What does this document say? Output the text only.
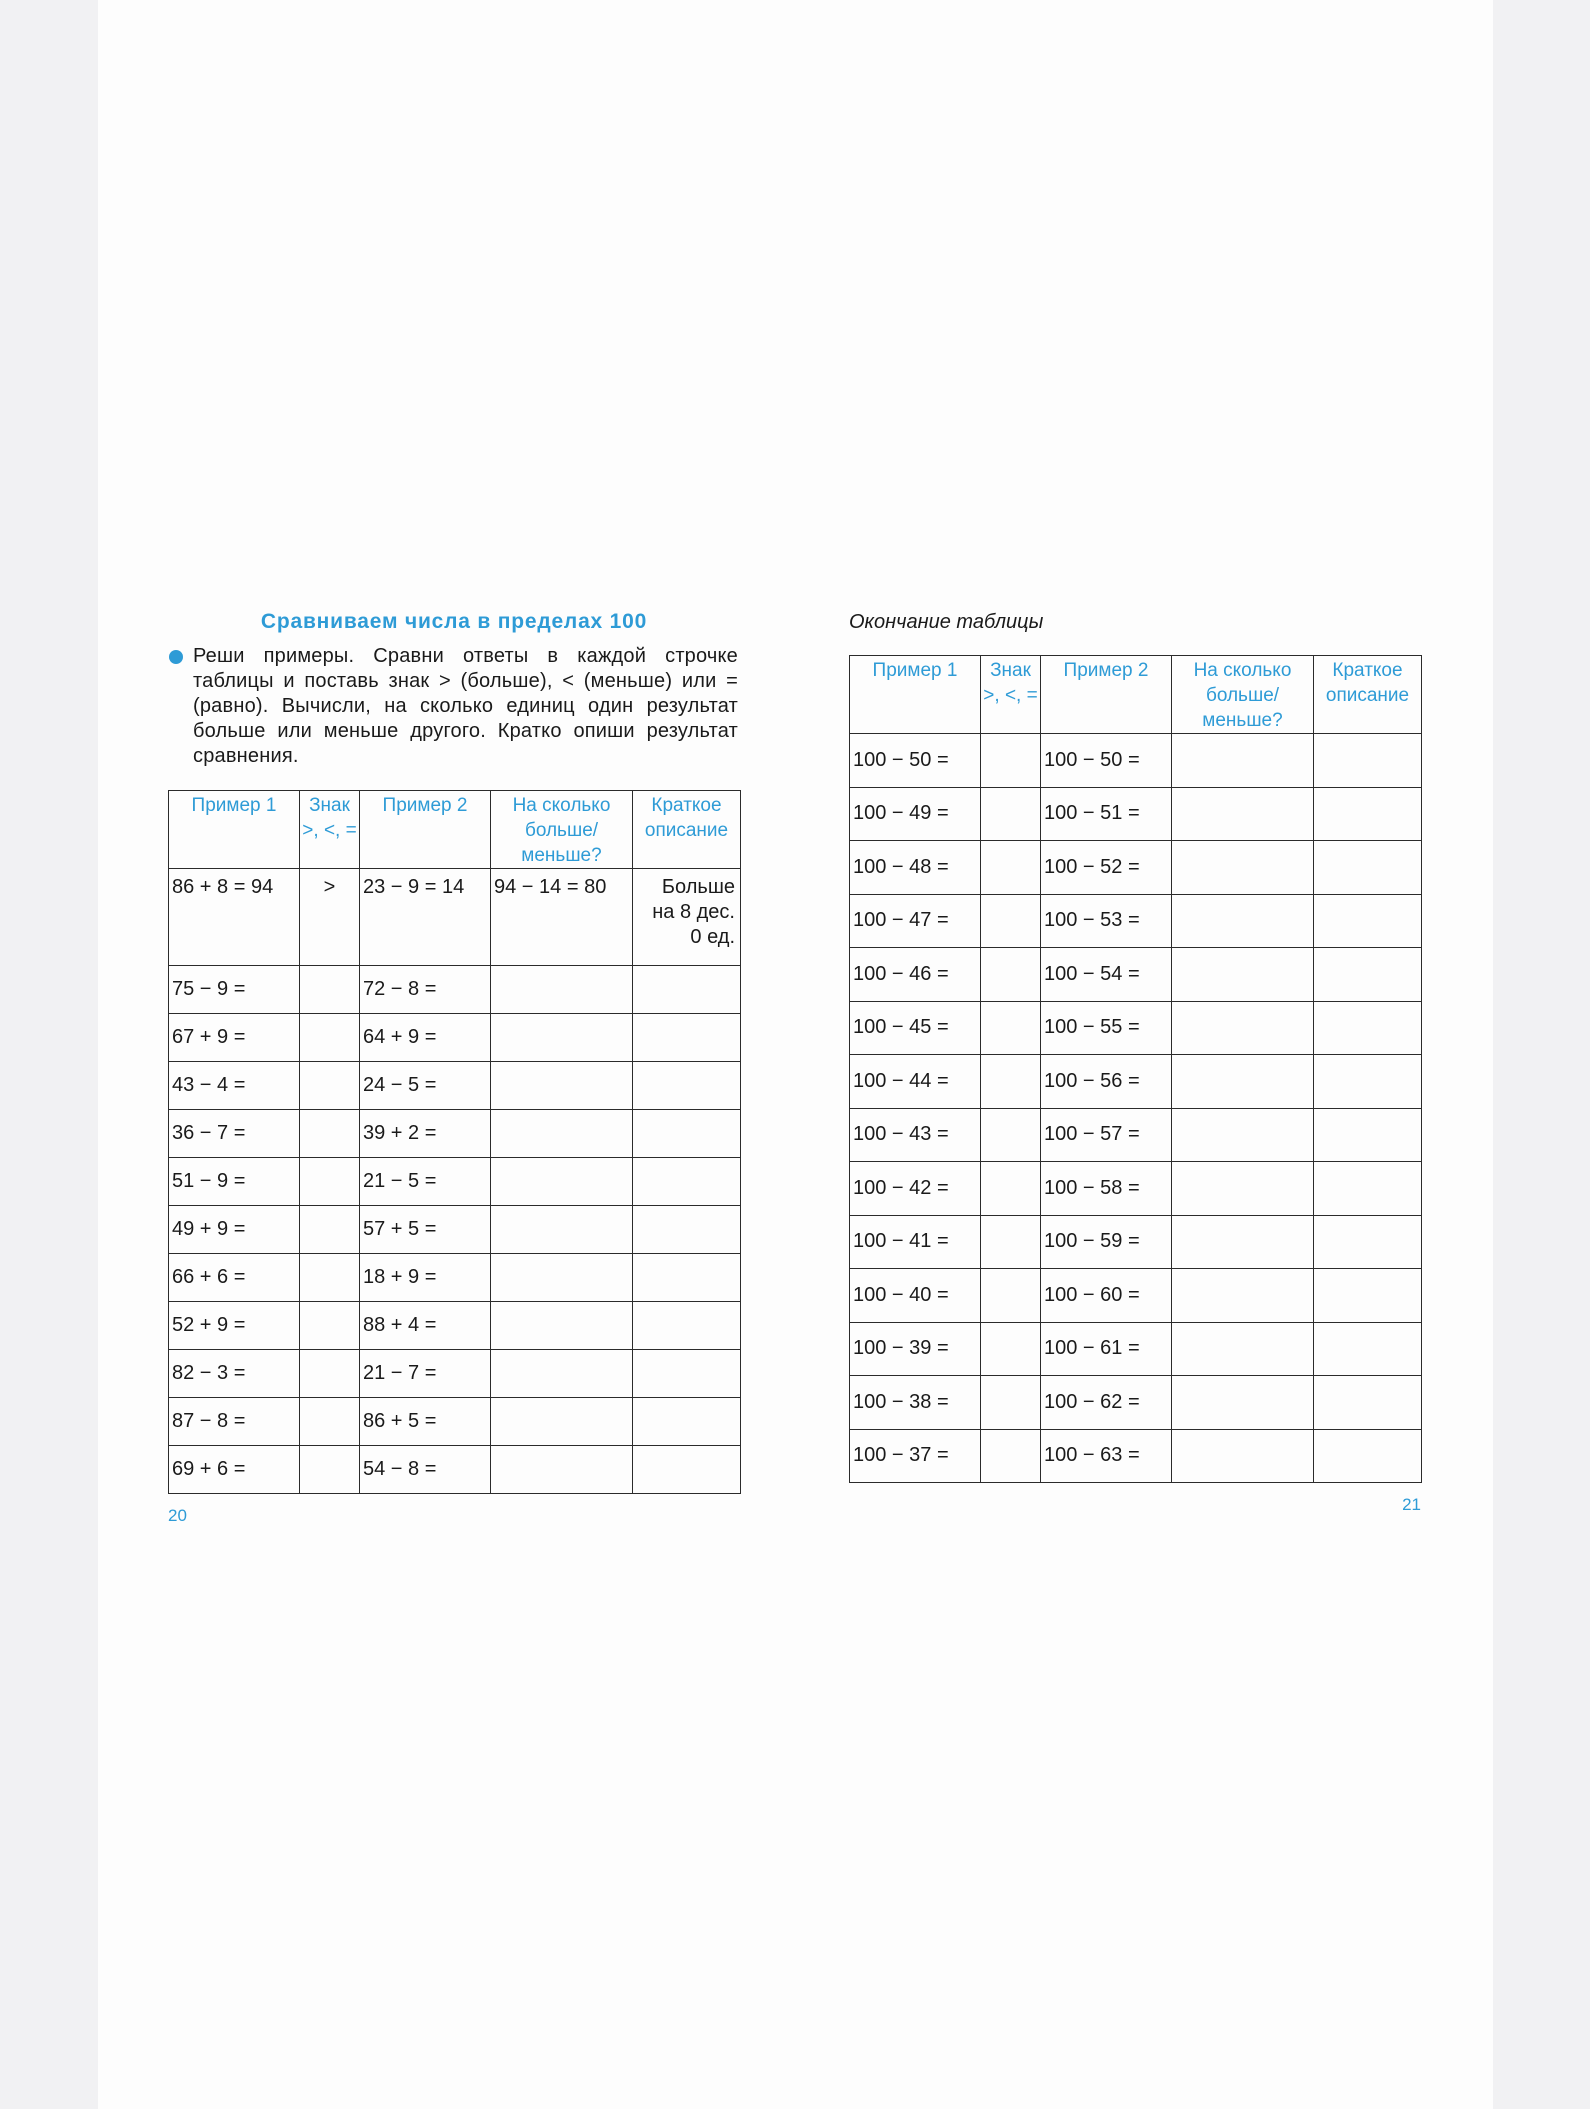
Сравниваем числа в пределах 100
Реши примеры. Сравни ответы в каждой строчке таблицы и поставь знак > (больше), < (меньше) или = (равно). Вычисли, на сколько единиц один результат больше или меньше другого. Кратко опиши результат сравнения.
Пример 1	Знак >, <, =	Пример 2	На сколько больше/ меньше?	Краткое описание
86 + 8 = 94	>	23 − 9 = 14	94 − 14 = 80	Больше на 8 дес. 0 ед.
75 − 9 =		72 − 8 =		
67 + 9 =		64 + 9 =		
43 − 4 =		24 − 5 =		
36 − 7 =		39 + 2 =		
51 − 9 =		21 − 5 =		
49 + 9 =		57 + 5 =		
66 + 6 =		18 + 9 =		
52 + 9 =		88 + 4 =		
82 − 3 =		21 − 7 =		
87 − 8 =		86 + 5 =		
69 + 6 =		54 − 8 =		
20
Окончание таблицы
Пример 1	Знак >, <, =	Пример 2	На сколько больше/ меньше?	Краткое описание
100 − 50 =		100 − 50 =		
100 − 49 =		100 − 51 =		
100 − 48 =		100 − 52 =		
100 − 47 =		100 − 53 =		
100 − 46 =		100 − 54 =		
100 − 45 =		100 − 55 =		
100 − 44 =		100 − 56 =		
100 − 43 =		100 − 57 =		
100 − 42 =		100 − 58 =		
100 − 41 =		100 − 59 =		
100 − 40 =		100 − 60 =		
100 − 39 =		100 − 61 =		
100 − 38 =		100 − 62 =		
100 − 37 =		100 − 63 =		
21
